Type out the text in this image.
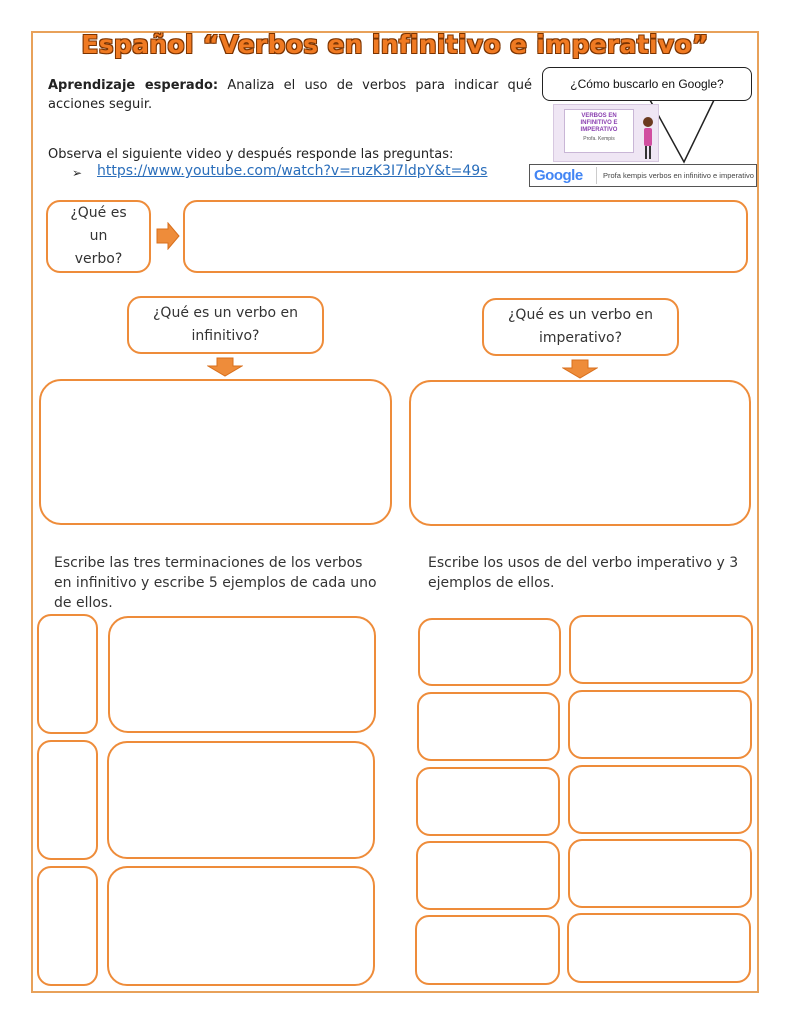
Español “Verbos en infinitivo e imperativo”
Aprendizaje esperado: Analiza el uso de verbos para indicar qué acciones seguir.
Observa el siguiente video y después responde las preguntas:
➢ https://www.youtube.com/watch?v=ruzK3I7ldpY&t=49s
¿Cómo buscarlo en Google?
VERBOS EN INFINITIVO E IMPERATIVO
Profa. Kempis
Google	Profa kempis verbos en infinitivo e imperativo
¿Qué es un verbo?
¿Qué es un verbo en infinitivo?
¿Qué es un verbo en imperativo?
Escribe las tres terminaciones de los verbos en infinitivo y escribe 5 ejemplos de cada uno de ellos.
Escribe los usos de del verbo imperativo y 3 ejemplos de ellos.
